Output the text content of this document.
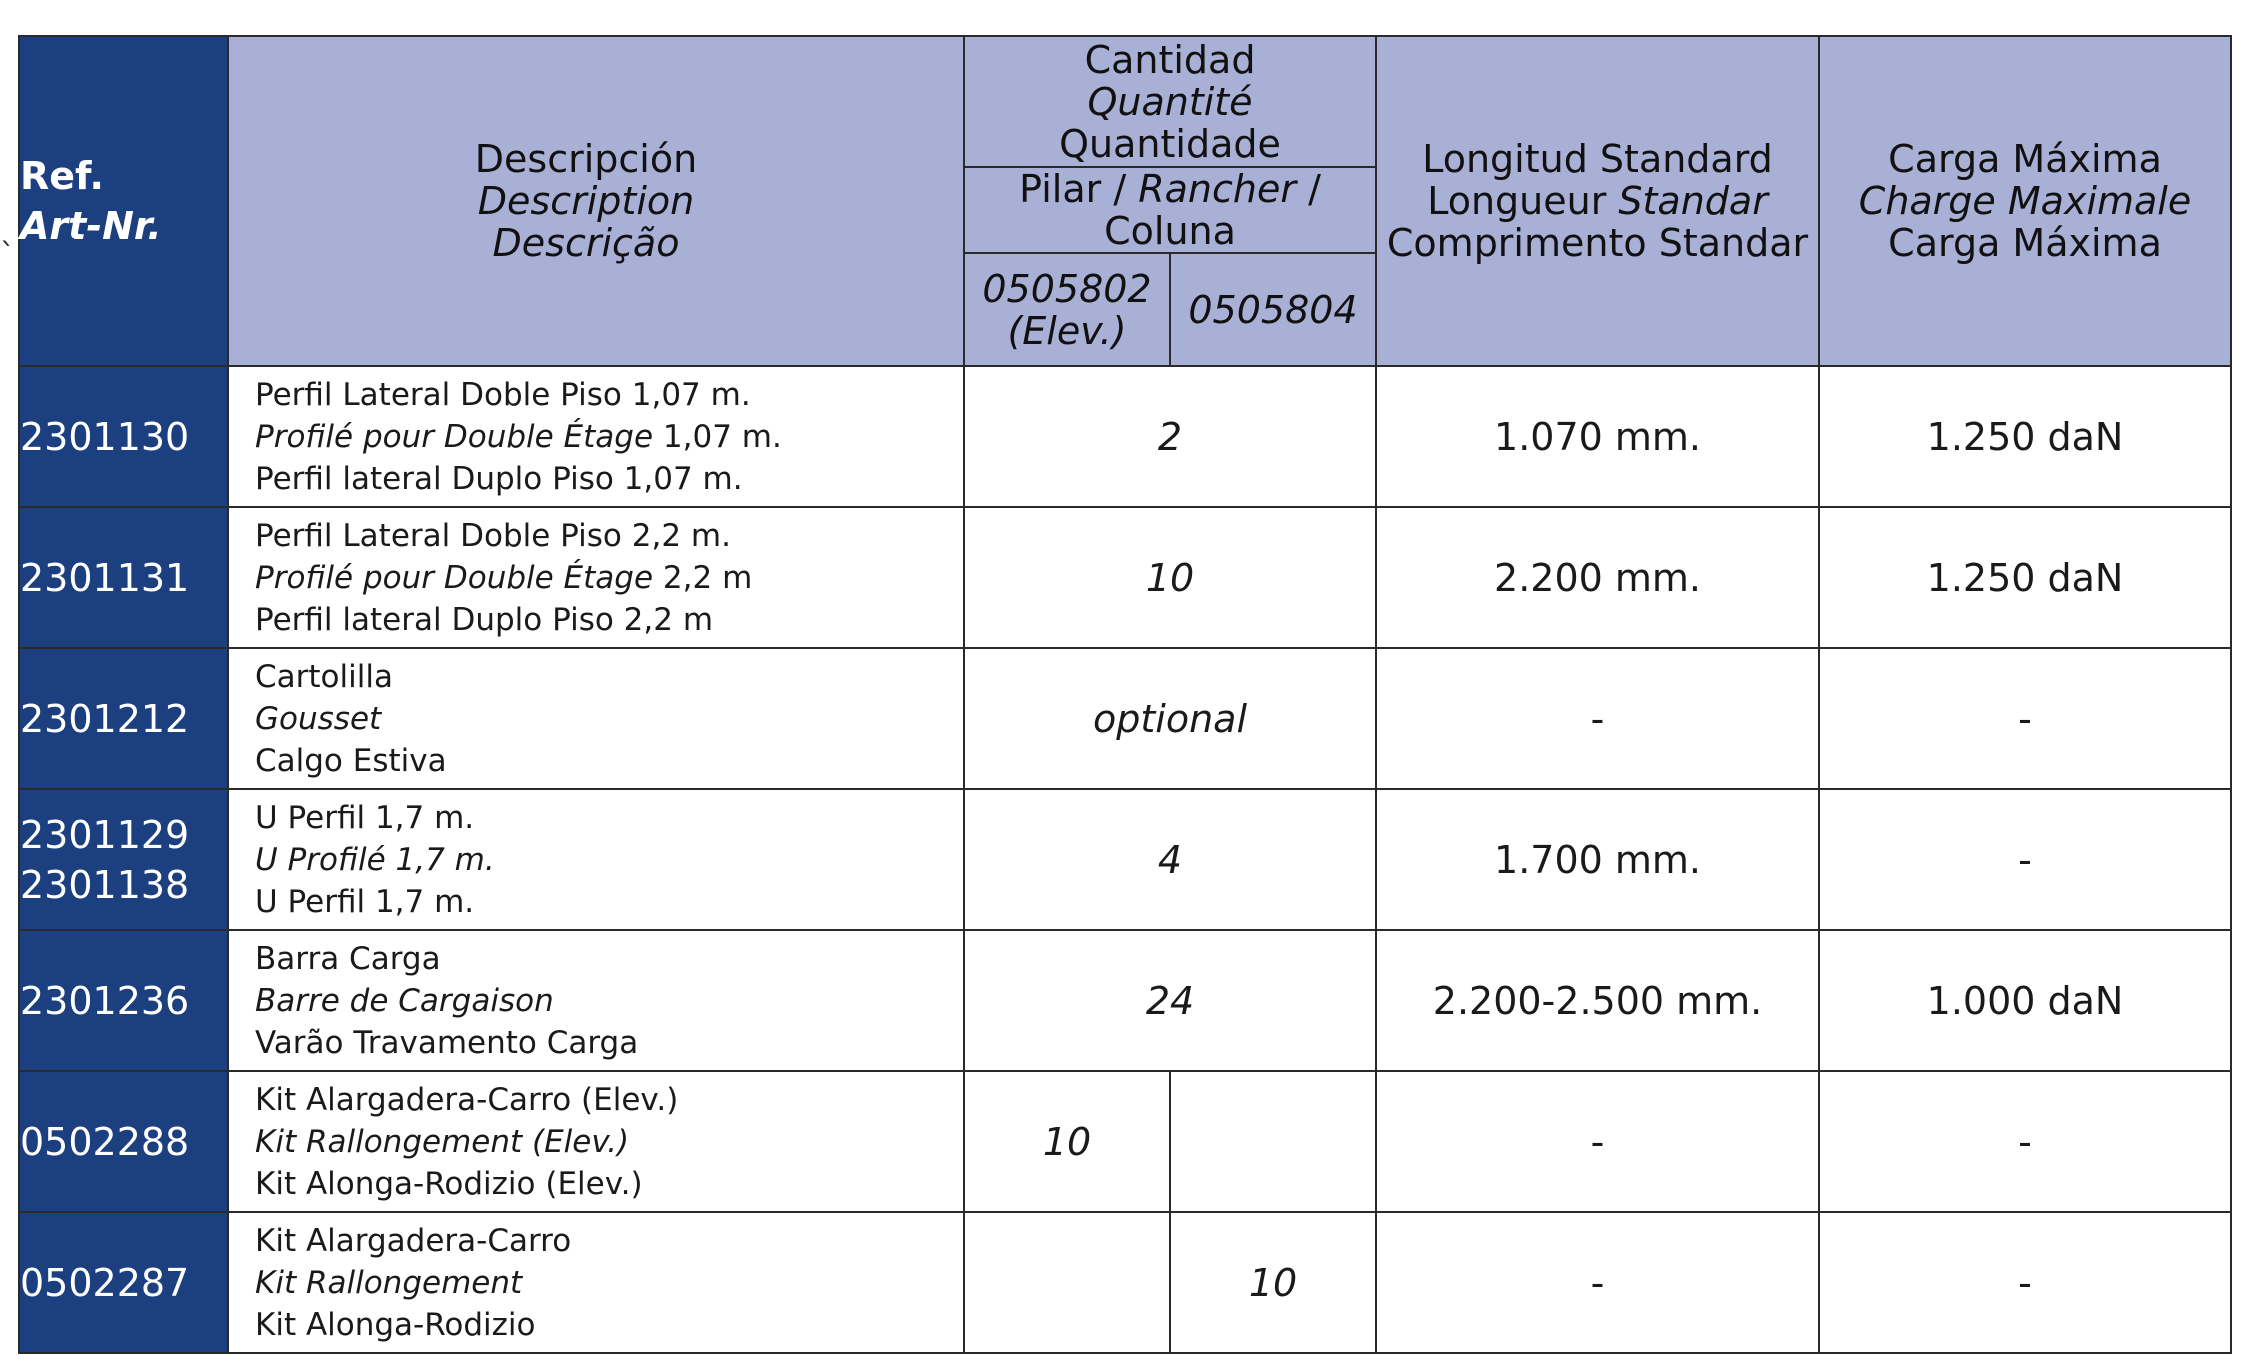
ˎ
Ref.
Art-Nr.	Descripción
Description
Descrição	Cantidad
Quantité
Quantidade		Longitud Standard
Longueur Standar
Comprimento Standar	Carga Máxima
Charge Maximale
Carga Máxima

		Pilar / Rancher / Coluna			

		0505802
(Elev.)	0505804		

2301130	Perfil Lateral Doble Piso 1,07 m.
Profilé pour Double Étage 1,07 m.
Perfil lateral Duplo Piso 1,07 m.	2		1.070 mm.	1.250 daN

2301131	Perfil Lateral Doble Piso 2,2 m.
Profilé pour Double Étage 2,2 m
Perfil lateral Duplo Piso 2,2 m	10		2.200 mm.	1.250 daN

2301212	Cartolilla
Gousset
Calgo Estiva	optional		-	-

2301129
2301138	U Perfil 1,7 m.
U Profilé 1,7 m.
U Perfil 1,7 m.	4		1.700 mm.	-

2301236	Barra Carga
Barre de Cargaison
Varão Travamento Carga	24		2.200-2.500 mm.	1.000 daN

0502288	Kit Alargadera-Carro (Elev.)
Kit Rallongement (Elev.)
Kit Alonga-Rodizio (Elev.)	10		-	-

0502287	Kit Alargadera-Carro
Kit Rallongement
Kit Alonga-Rodizio		10	-	-
